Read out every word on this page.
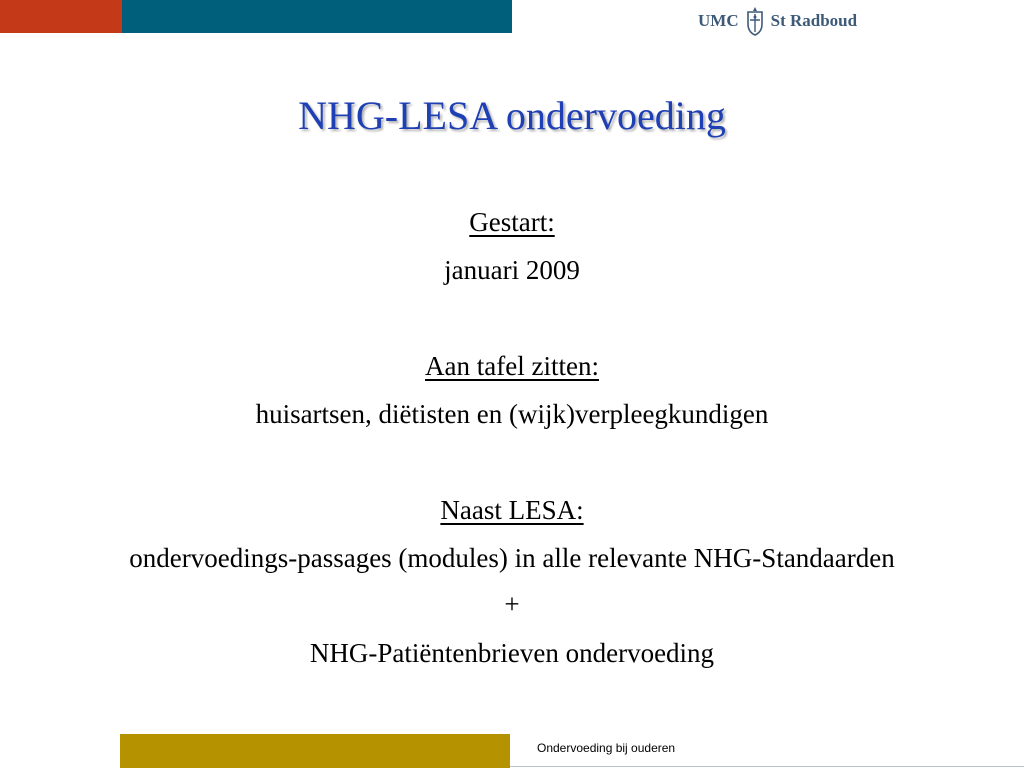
UMC St Radboud
NHG-LESA ondervoeding
Gestart:
januari 2009
Aan tafel zitten:
huisartsen, diëtisten en (wijk)verpleegkundigen
Naast LESA:
ondervoedings-passages (modules) in alle relevante NHG-Standaarden
+
NHG-Patiëntenbrieven ondervoeding
Ondervoeding bij ouderen
